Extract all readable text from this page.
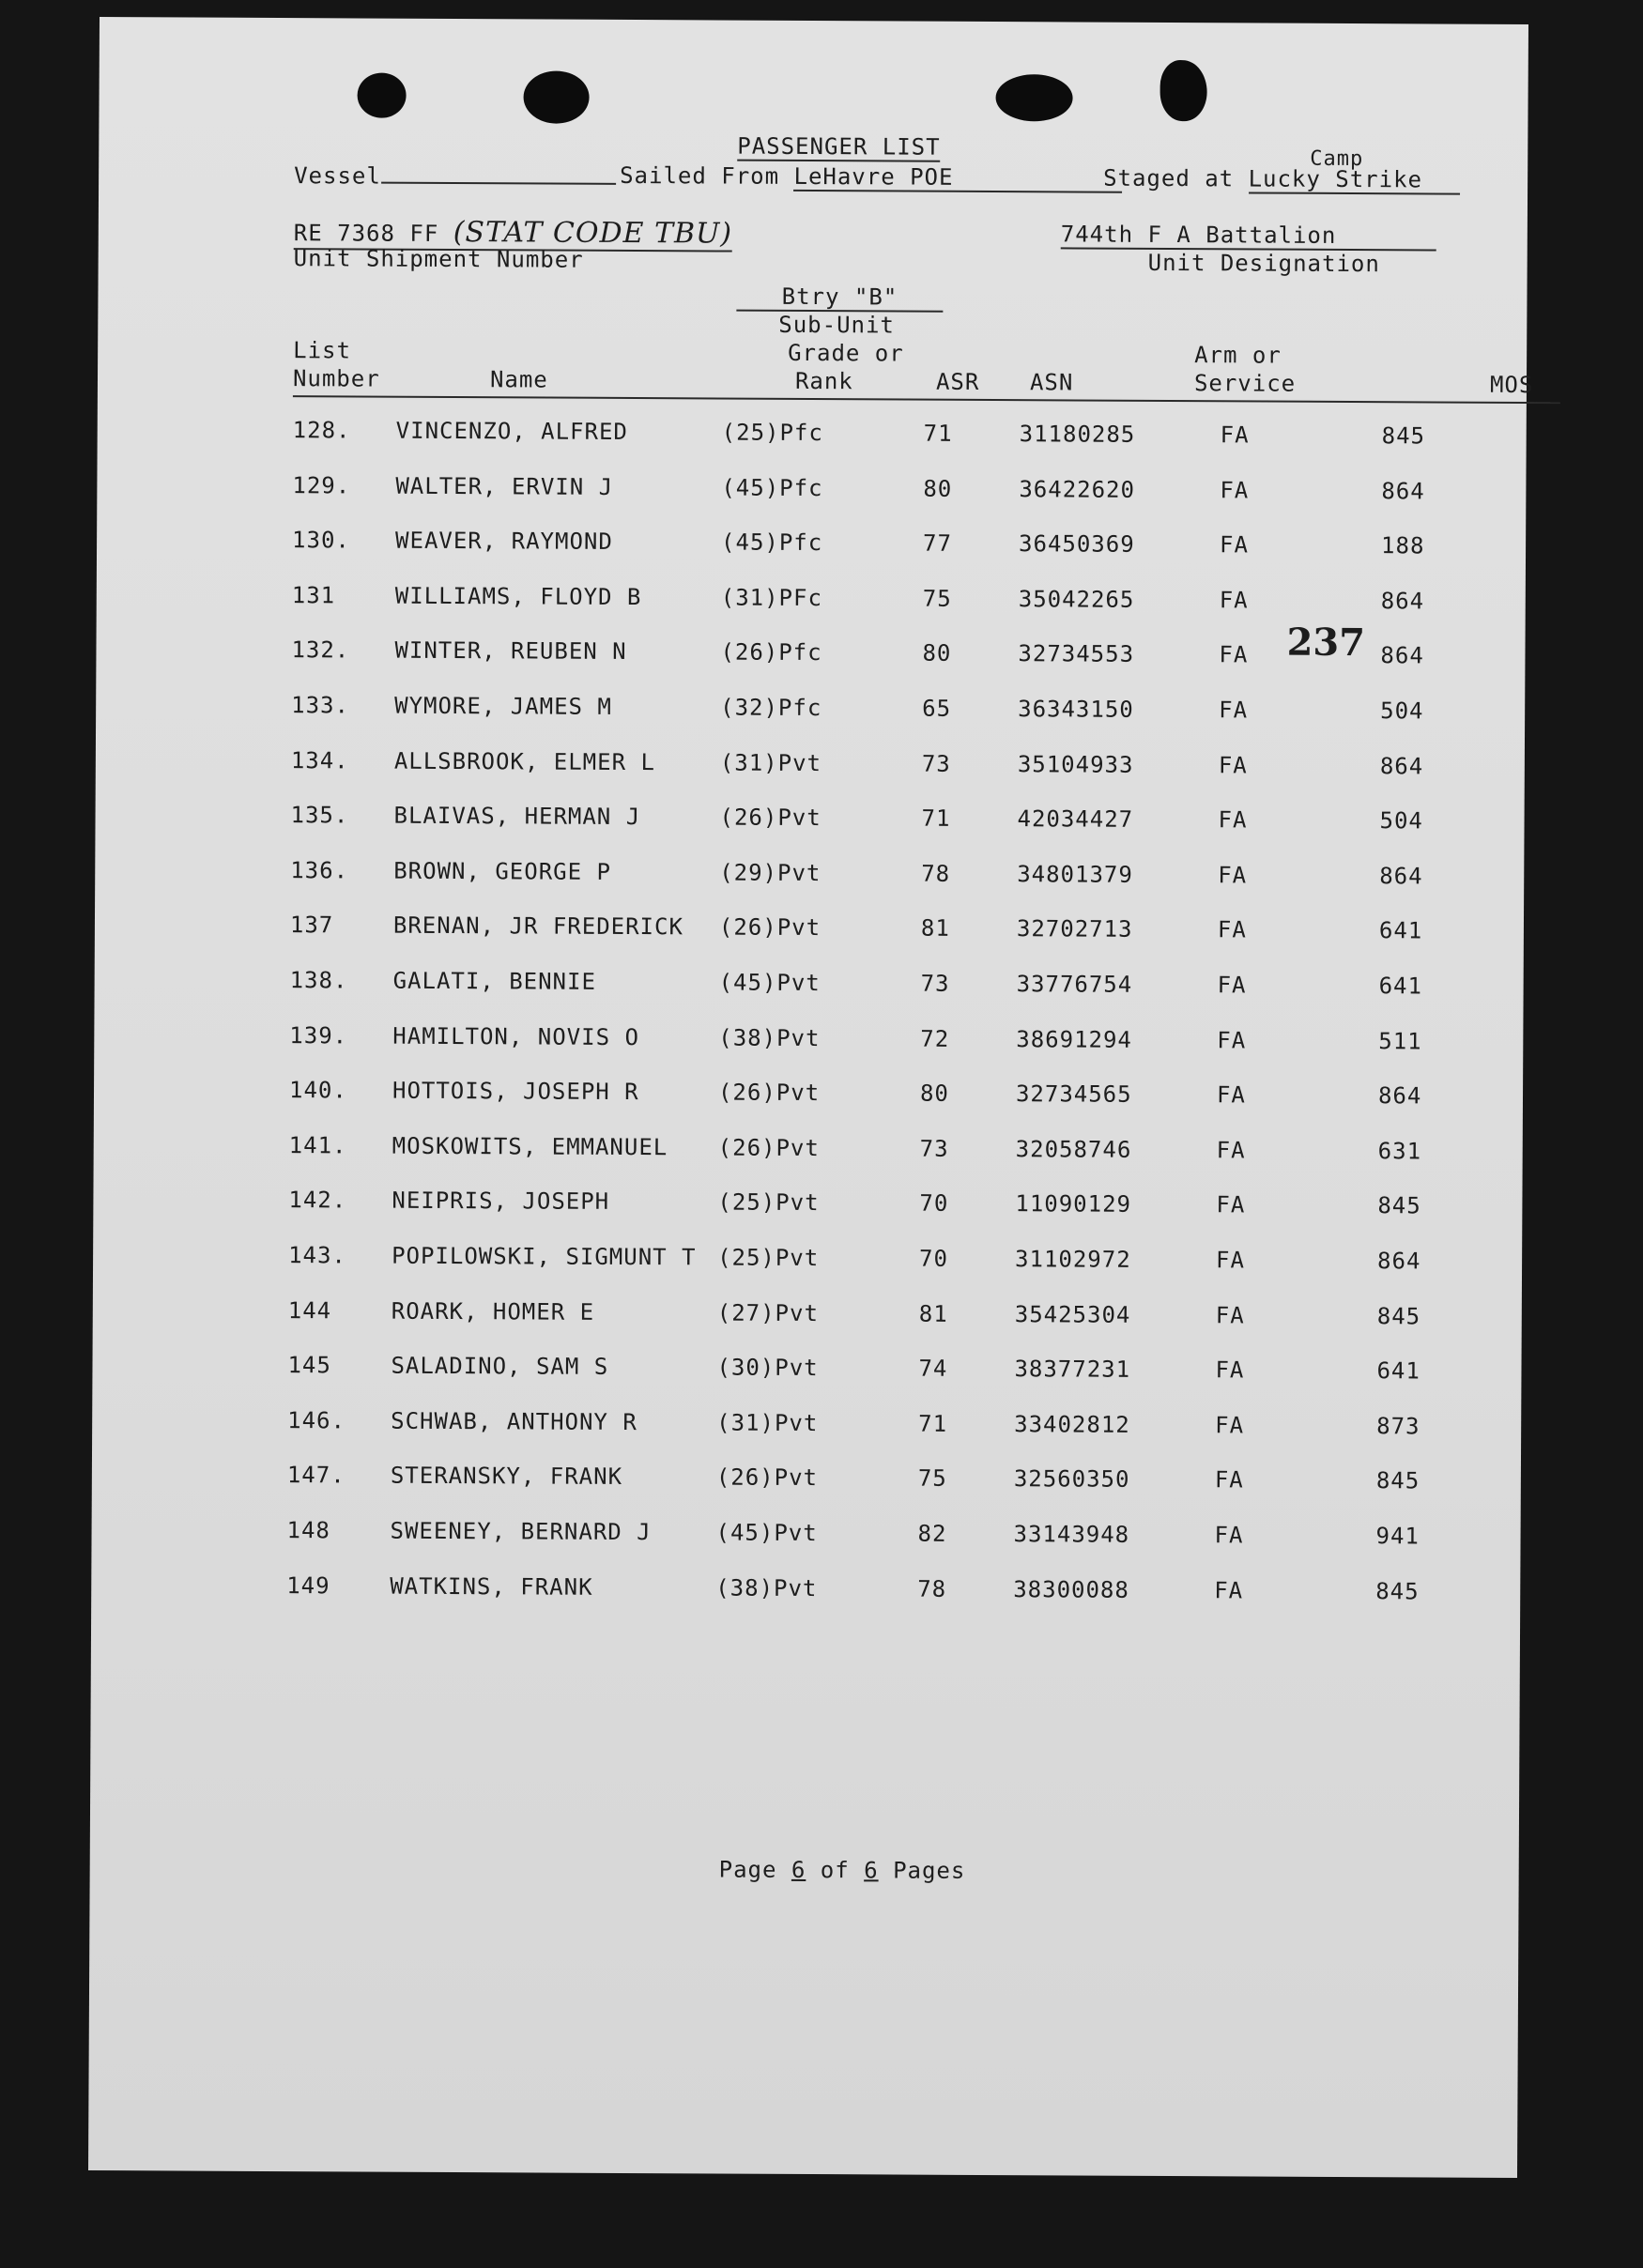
PASSENGER LIST	Camp
Vessel	Sailed From LeHavre POE	Staged at Lucky Strike
RE 7368 FF (STAT CODE TBU)
Unit Shipment Number
744th F A Battalion
Unit Designation
Btry "B"
Sub-Unit
List	Grade or	Arm or
Number	Name	Rank	ASR ASN	Service	MOS
128. VINCENZO, ALFRED	(25)Pfc	71	31180285	FA	845
129. WALTER, ERVIN J	(45)Pfc	80	36422620	FA	864
130. WEAVER, RAYMOND	(45)Pfc	77	36450369	FA	188
131	WILLIAMS, FLOYD B	(31)PFc	75	35042265	FA	864
132. WINTER, REUBEN N	(26)Pfc	80	32734553	FA	864
133. WYMORE, JAMES M	(32)Pfc	65	36343150	FA	504
134. ALLSBROOK, ELMER L	(31)Pvt	73	35104933	FA	864
135. BLAIVAS, HERMAN J	(26)Pvt	71	42034427	FA	504
136. BROWN, GEORGE P	(29)Pvt	78	34801379	FA	864
137	BRENAN, JR FREDERICK (26)Pvt	81	32702713	FA	641
138. GALATI, BENNIE	(45)Pvt	73	33776754	FA	641
139. HAMILTON, NOVIS O	(38)Pvt	72	38691294	FA	511
140. HOTTOIS, JOSEPH R	(26)Pvt	80	32734565	FA	864
141. MOSKOWITS, EMMANUEL (26)Pvt	73	32058746	FA	631
142. NEIPRIS, JOSEPH	(25)Pvt	70	11090129	FA	845
143. POPILOWSKI, SIGMUNT T (25)Pvt	70	31102972	FA	864
144	ROARK, HOMER E	(27)Pvt	81	35425304	FA	845
145	SALADINO, SAM S	(30)Pvt	74	38377231	FA	641
146. SCHWAB, ANTHONY R	(31)Pvt	71	33402812	FA	873
147. STERANSKY, FRANK	(26)Pvt	75	32560350	FA	845
148	SWEENEY, BERNARD J	(45)Pvt	82	33143948	FA	941
149	WATKINS, FRANK	(38)Pvt	78	38300088	FA	845
237
Page 6 of 6 Pages
